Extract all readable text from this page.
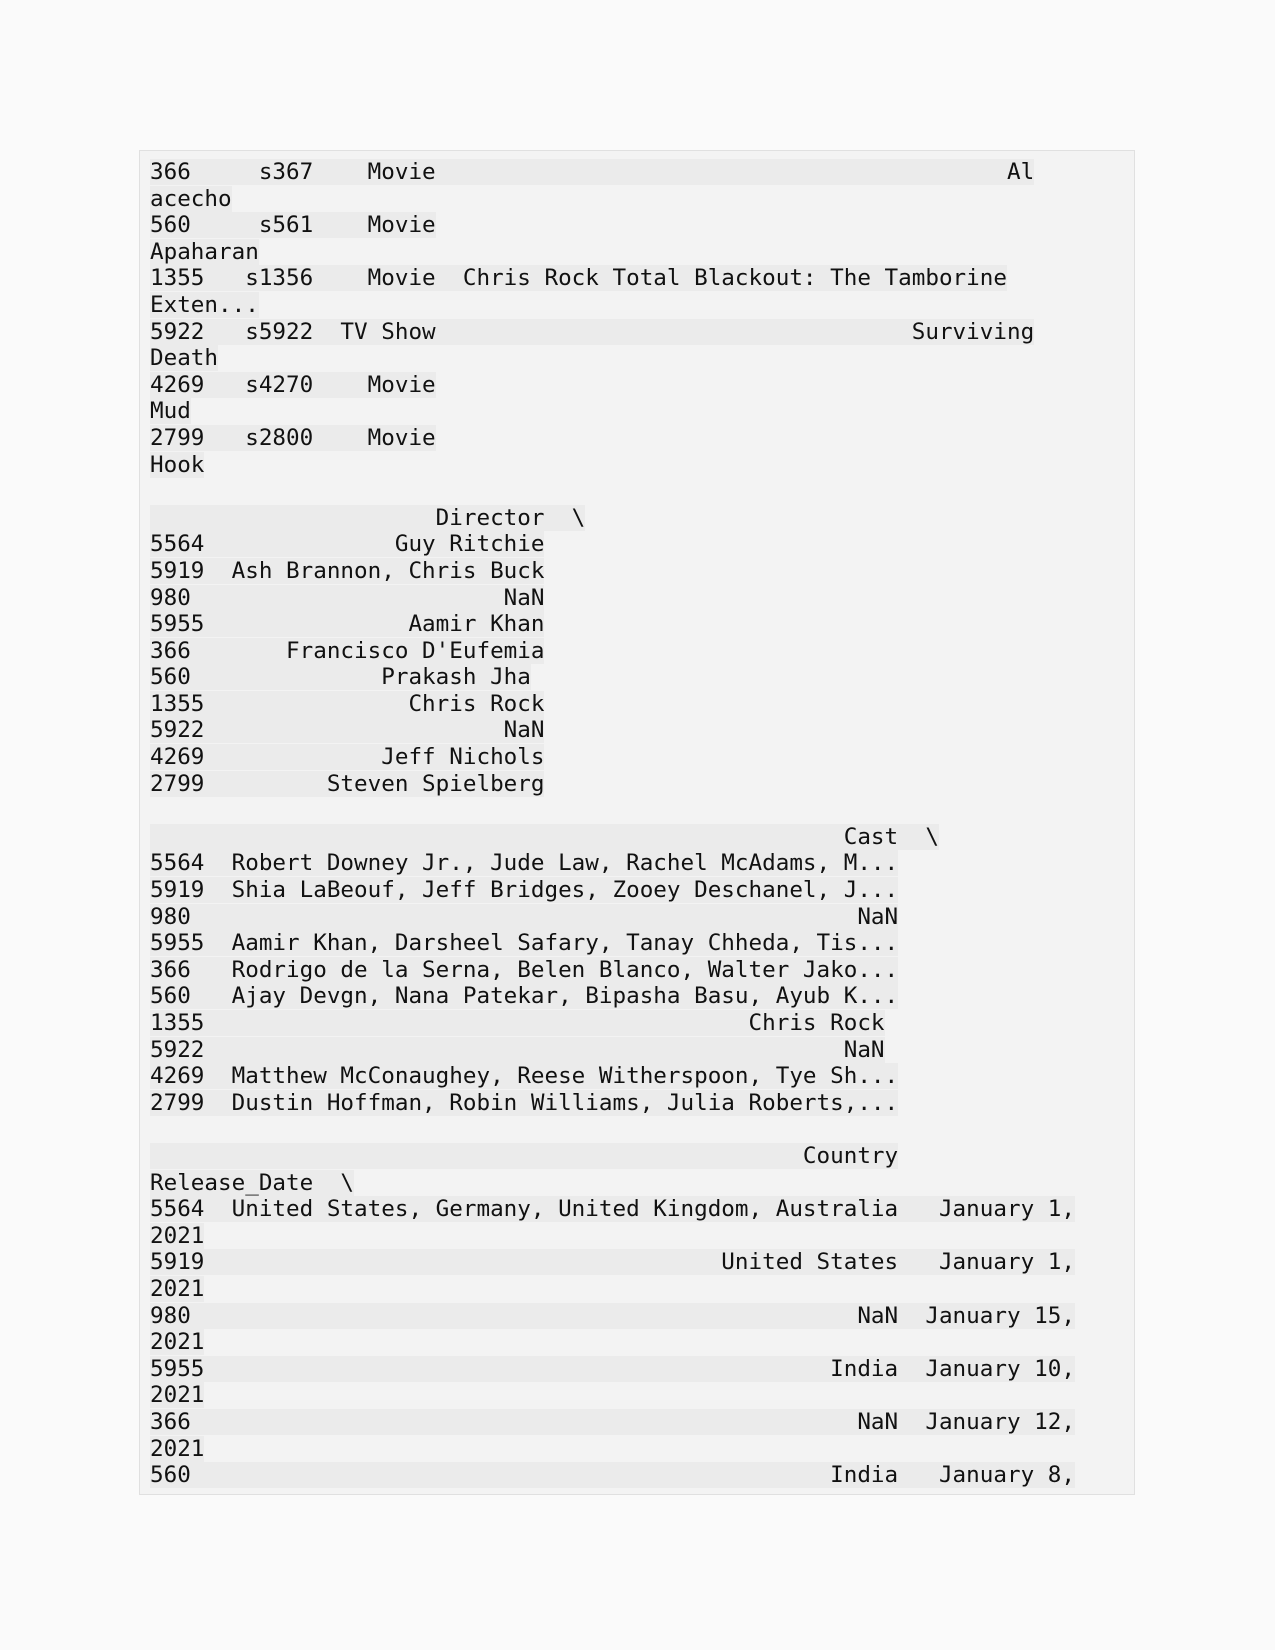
366     s367    Movie                                          Al
acecho
560     s561    Movie
Apaharan
1355   s1356    Movie  Chris Rock Total Blackout: The Tamborine
Exten...
5922   s5922  TV Show                                   Surviving
Death
4269   s4270    Movie
Mud
2799   s2800    Movie
Hook
Director  \
5564              Guy Ritchie
5919  Ash Brannon, Chris Buck
980                       NaN
5955               Aamir Khan
366       Francisco D'Eufemia
560              Prakash Jha
1355               Chris Rock
5922                      NaN
4269             Jeff Nichols
2799         Steven Spielberg
Cast  \
5564  Robert Downey Jr., Jude Law, Rachel McAdams, M...
5919  Shia LaBeouf, Jeff Bridges, Zooey Deschanel, J...
980                                                 NaN
5955  Aamir Khan, Darsheel Safary, Tanay Chheda, Tis...
366   Rodrigo de la Serna, Belen Blanco, Walter Jako...
560   Ajay Devgn, Nana Patekar, Bipasha Basu, Ayub K...
1355                                        Chris Rock
5922                                               NaN
4269  Matthew McConaughey, Reese Witherspoon, Tye Sh...
2799  Dustin Hoffman, Robin Williams, Julia Roberts,...
Country
Release_Date  \
5564  United States, Germany, United Kingdom, Australia   January 1,
2021
5919                                      United States   January 1,
2021
980                                                 NaN  January 15,
2021
5955                                              India  January 10,
2021
366                                                 NaN  January 12,
2021
560                                               India   January 8,
